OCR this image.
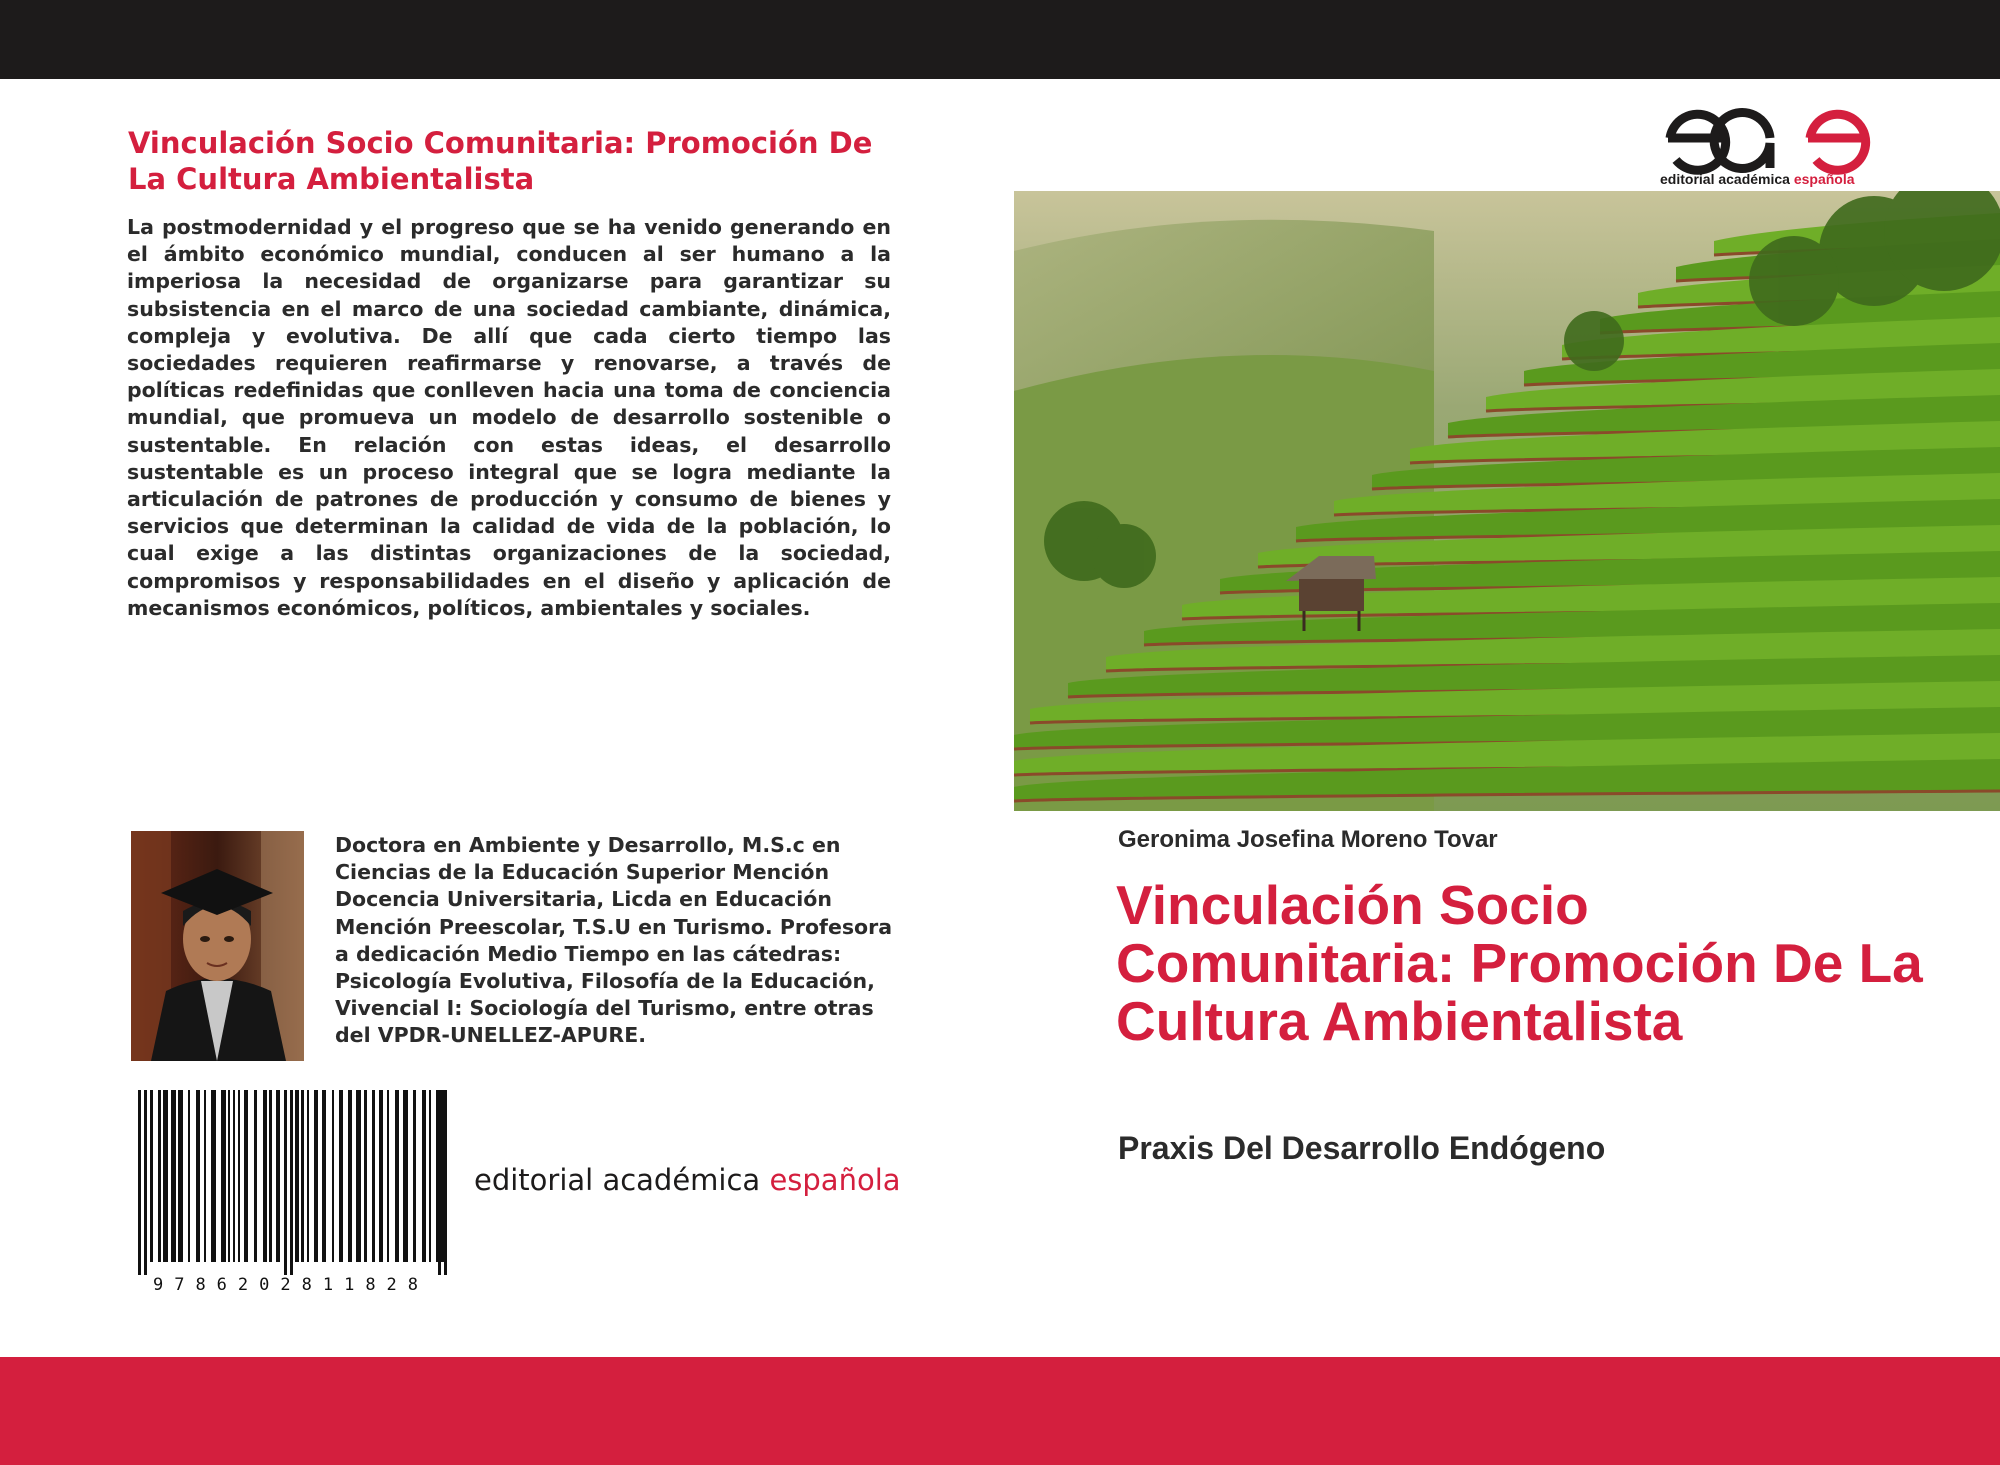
Vinculación Socio Comunitaria: Promoción De La Cultura Ambientalista

La postmodernidad y el progreso que se ha venido generando en el ámbito económico mundial, conducen al ser humano a la imperiosa la necesidad de organizarse para garantizar su subsistencia en el marco de una sociedad cambiante, dinámica, compleja y evolutiva. De allí que cada cierto tiempo las sociedades requieren reafirmarse y renovarse, a través de políticas redefinidas que conlleven hacia una toma de conciencia mundial, que promueva un modelo de desarrollo sostenible o sustentable. En relación con estas ideas, el desarrollo sustentable es un proceso integral que se logra mediante la articulación de patrones de producción y consumo de bienes y servicios que determinan la calidad de vida de la población, lo cual exige a las distintas organizaciones de la sociedad, compromisos y responsabilidades en el diseño y aplicación de mecanismos económicos, políticos, ambientales y sociales.

Doctora en Ambiente y Desarrollo, M.S.c en Ciencias de la Educación Superior Mención Docencia Universitaria, Licda en Educación Mención Preescolar, T.S.U en Turismo. Profesora a dedicación Medio Tiempo en las cátedras: Psicología Evolutiva, Filosofía de la Educación, Vivencial I: Sociología del Turismo, entre otras del VPDR-UNELLEZ-APURE.

9786202811828
editorial académica española
editorial académica española
Geronima Josefina Moreno Tovar
Vinculación Socio Comunitaria: Promoción De La Cultura Ambientalista
Praxis Del Desarrollo Endógeno
